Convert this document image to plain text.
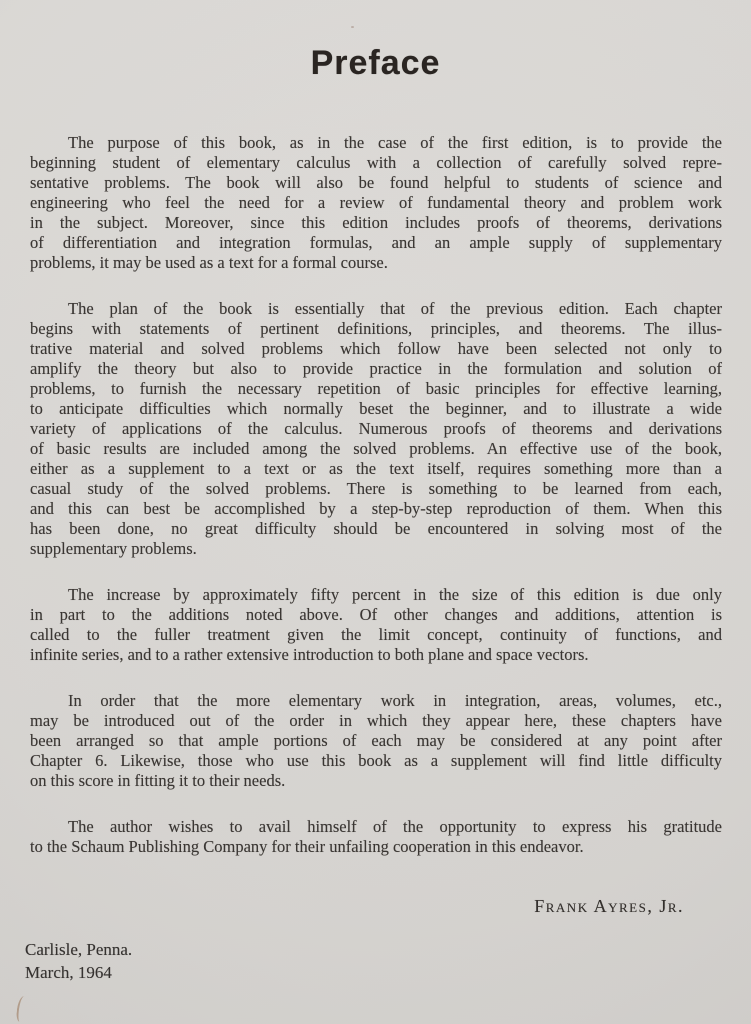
Preface
The purpose of this book, as in the case of the first edition, is to provide the
beginning student of elementary calculus with a collection of carefully solved repre-
sentative problems. The book will also be found helpful to students of science and
engineering who feel the need for a review of fundamental theory and problem work
in the subject. Moreover, since this edition includes proofs of theorems, derivations
of differentiation and integration formulas, and an ample supply of supplementary
problems, it may be used as a text for a formal course.
The plan of the book is essentially that of the previous edition. Each chapter
begins with statements of pertinent definitions, principles, and theorems. The illus-
trative material and solved problems which follow have been selected not only to
amplify the theory but also to provide practice in the formulation and solution of
problems, to furnish the necessary repetition of basic principles for effective learning,
to anticipate difficulties which normally beset the beginner, and to illustrate a wide
variety of applications of the calculus. Numerous proofs of theorems and derivations
of basic results are included among the solved problems. An effective use of the book,
either as a supplement to a text or as the text itself, requires something more than a
casual study of the solved problems. There is something to be learned from each,
and this can best be accomplished by a step-by-step reproduction of them. When this
has been done, no great difficulty should be encountered in solving most of the
supplementary problems.
The increase by approximately fifty percent in the size of this edition is due only
in part to the additions noted above. Of other changes and additions, attention is
called to the fuller treatment given the limit concept, continuity of functions, and
infinite series, and to a rather extensive introduction to both plane and space vectors.
In order that the more elementary work in integration, areas, volumes, etc.,
may be introduced out of the order in which they appear here, these chapters have
been arranged so that ample portions of each may be considered at any point after
Chapter 6. Likewise, those who use this book as a supplement will find little difficulty
on this score in fitting it to their needs.
The author wishes to avail himself of the opportunity to express his gratitude
to the Schaum Publishing Company for their unfailing cooperation in this endeavor.
Frank Ayres, Jr.
Carlisle, Penna.
March, 1964
